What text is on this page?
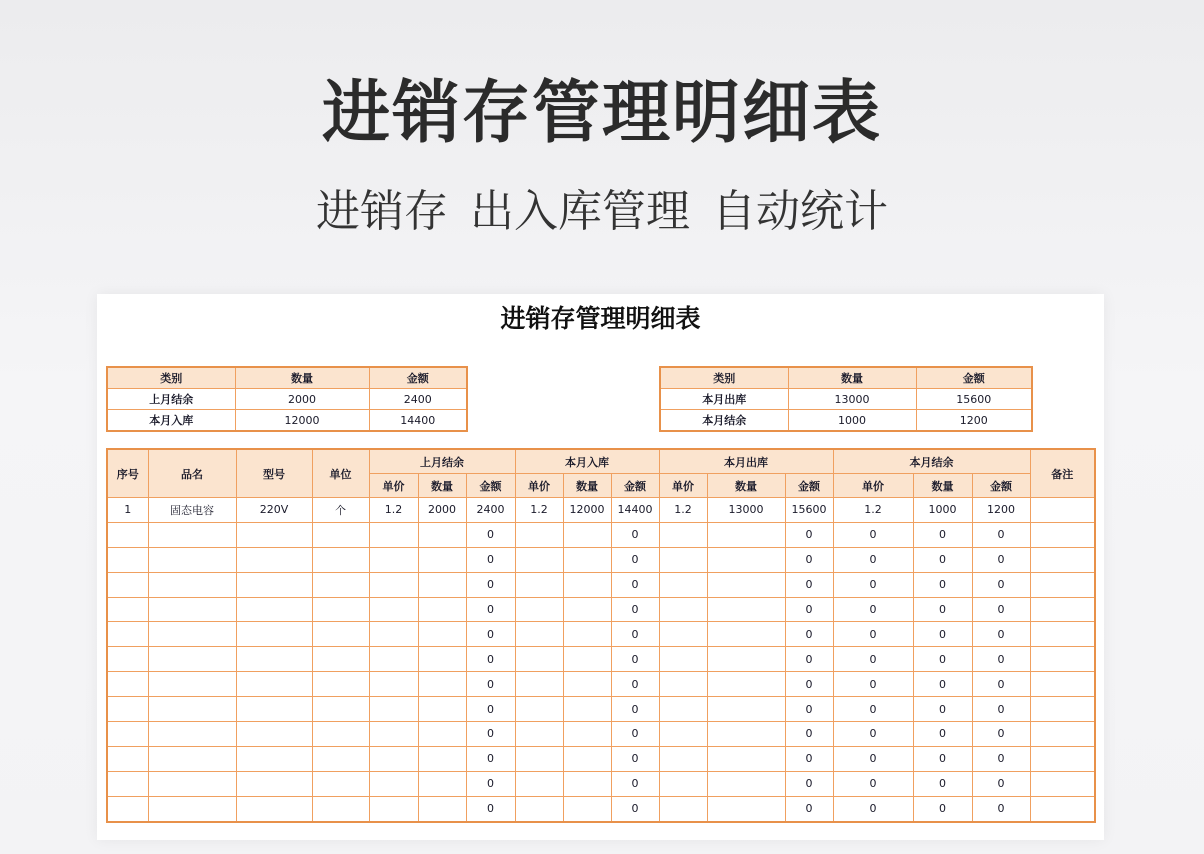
进销存管理明细表
进销存 出入库管理 自动统计
进销存管理明细表
类别	数量	金额
上月结余	2000	2400
本月入库	12000	14400
类别	数量	金额
本月出库	13000	15600
本月结余	1000	1200
序号	品名	型号	单位	上月结余			本月入库			本月出库			本月结余			备注
				单价	数量	金额	单价	数量	金额	单价	数量	金额	单价	数量	金额	
1	固态电容	220V	个	1.2	2000	2400	1.2	12000	14400	1.2	13000	15600	1.2	1000	1200	
						0			0			0	0	0	0	
						0			0			0	0	0	0	
						0			0			0	0	0	0	
						0			0			0	0	0	0	
						0			0			0	0	0	0	
						0			0			0	0	0	0	
						0			0			0	0	0	0	
						0			0			0	0	0	0	
						0			0			0	0	0	0	
						0			0			0	0	0	0	
						0			0			0	0	0	0	
						0			0			0	0	0	0	
